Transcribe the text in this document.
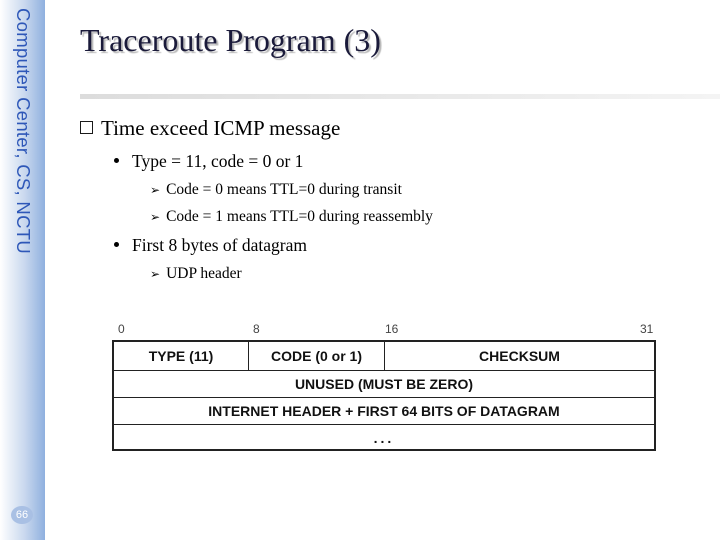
Computer Center, CS, NCTU
66
Traceroute Program (3)
Time exceed ICMP message
Type = 11, code = 0 or 1
➢ Code = 0 means TTL=0 during transit
➢ Code = 1 means TTL=0 during reassembly
First 8 bytes of datagram
➢ UDP header
0	8	16	31
TYPE (11)	CODE (0 or 1)	CHECKSUM
UNUSED (MUST BE ZERO)
INTERNET HEADER + FIRST 64 BITS OF DATAGRAM
...
